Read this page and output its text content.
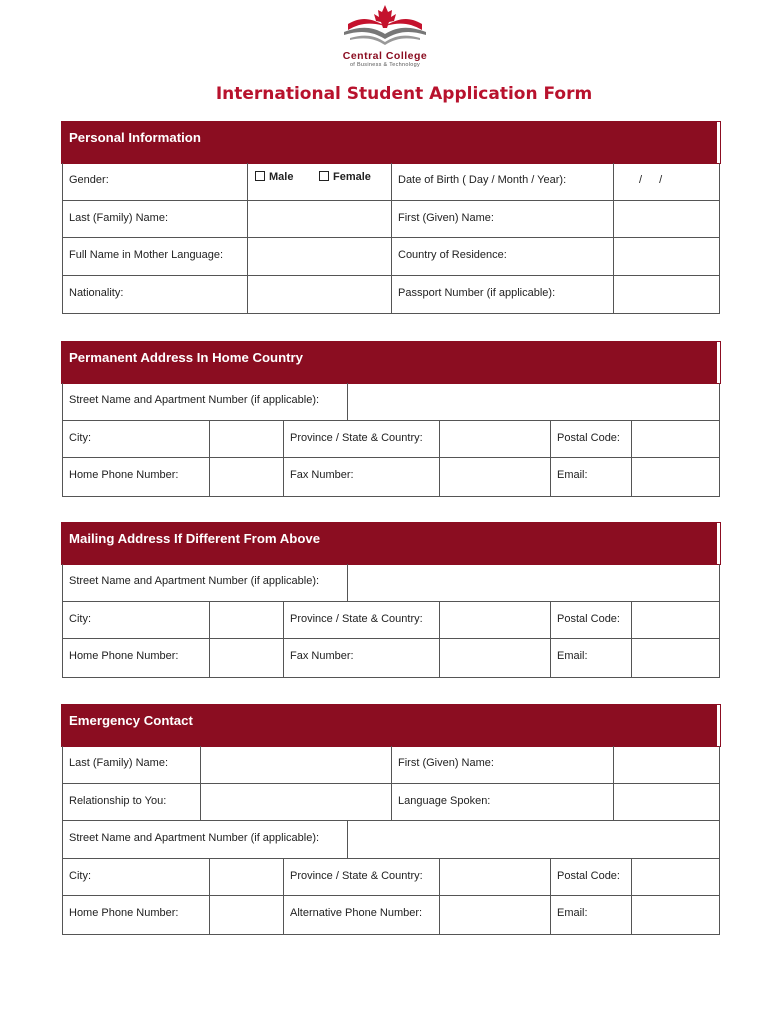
Central College
of Business & Technology
International Student Application Form
Personal Information
Gender:	Male	Female	Date of Birth ( Day / Month / Year):	/ /
Last (Family) Name:	First (Given) Name:
Full Name in Mother Language:	Country of Residence:
Nationality:	Passport Number (if applicable):
Permanent Address In Home Country
Street Name and Apartment Number (if applicable):
City:	Province / State & Country:	Postal Code:
Home Phone Number:	Fax Number:	Email:
Mailing Address If Different From Above
Street Name and Apartment Number (if applicable):
City:	Province / State & Country:	Postal Code:
Home Phone Number:	Fax Number:	Email:
Emergency Contact
Last (Family) Name:	First (Given) Name:
Relationship to You:	Language Spoken:
Street Name and Apartment Number (if applicable):
City:	Province / State & Country:	Postal Code:
Home Phone Number:	Alternative Phone Number:	Email:
